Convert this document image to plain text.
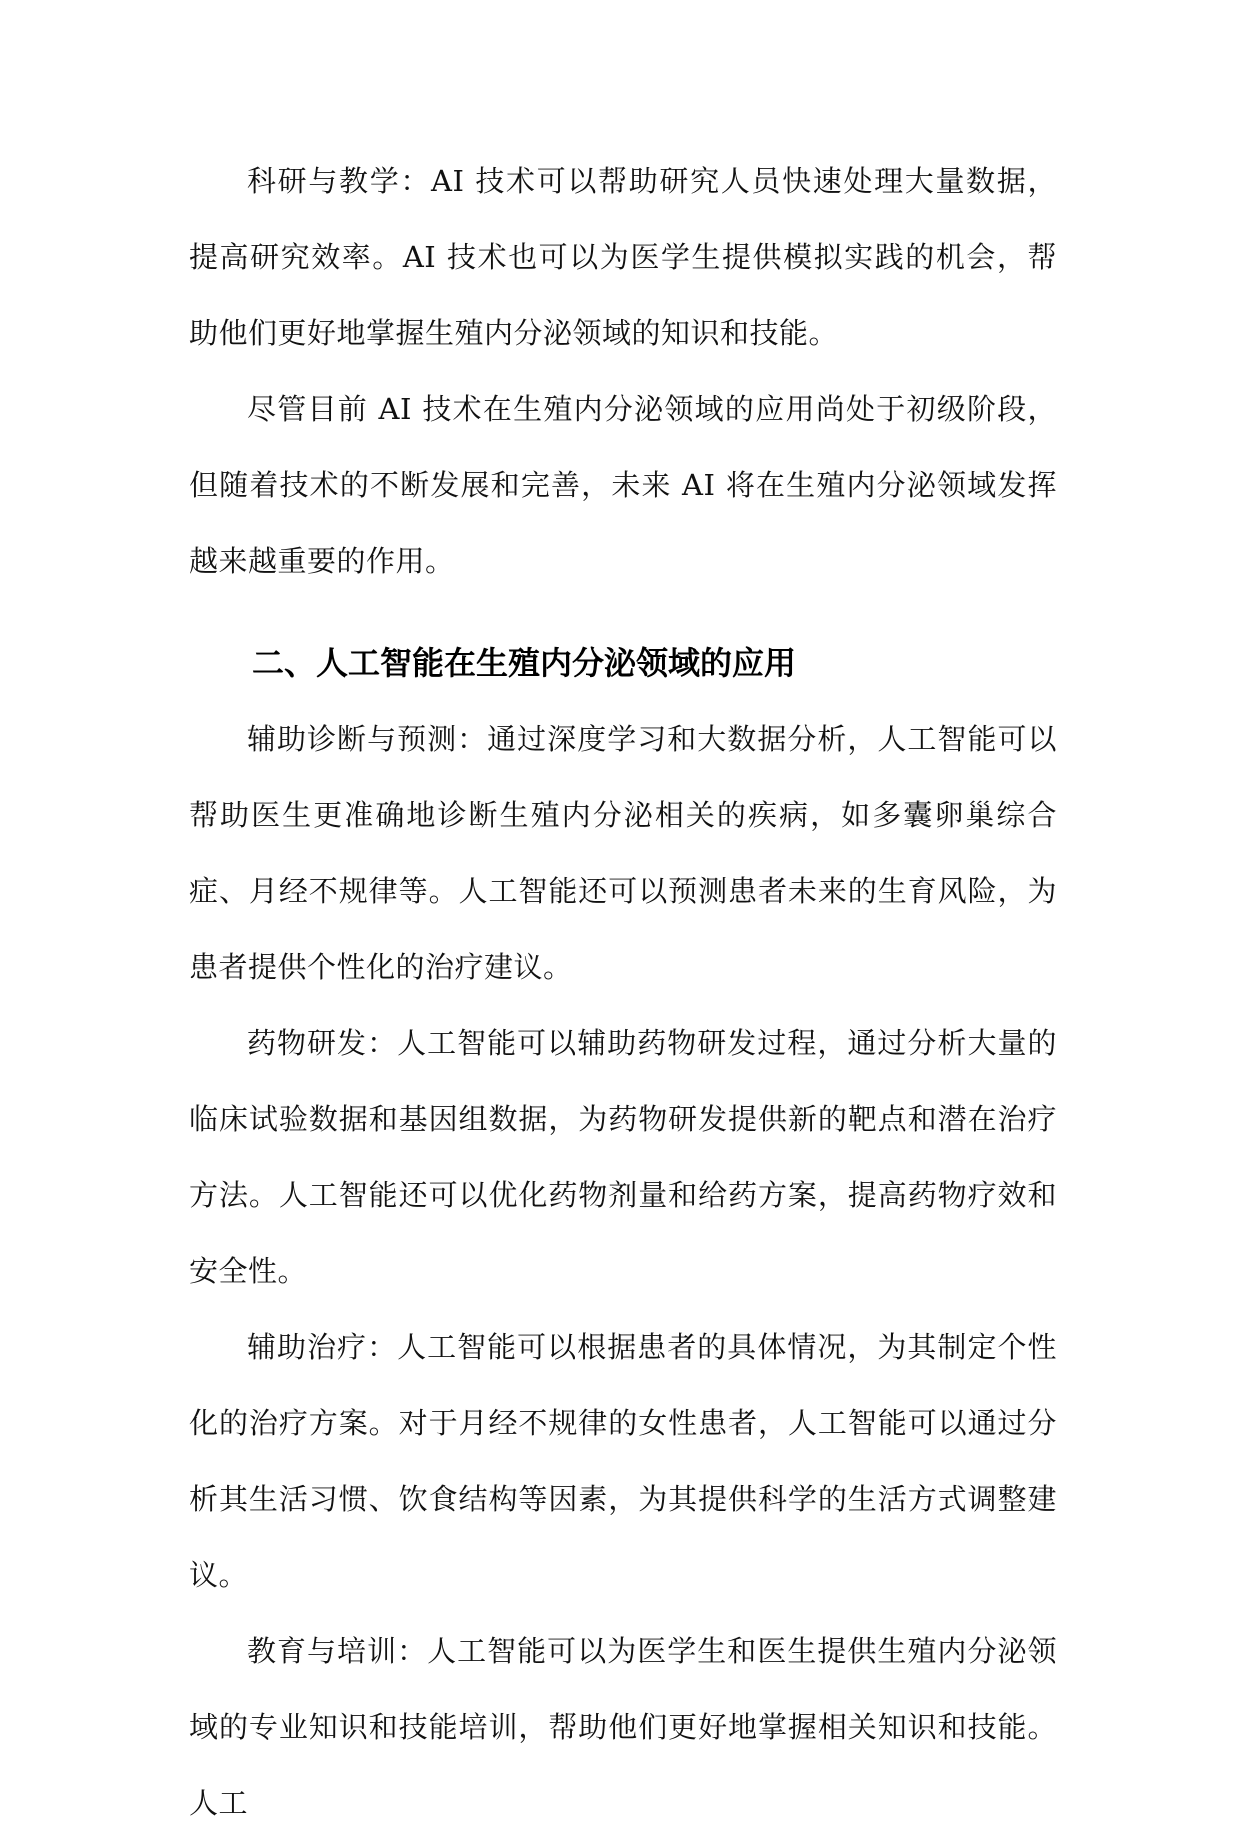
科研与教学：AI 技术可以帮助研究人员快速处理大量数据，提高研究效率。AI 技术也可以为医学生提供模拟实践的机会，帮助他们更好地掌握生殖内分泌领域的知识和技能。

尽管目前 AI 技术在生殖内分泌领域的应用尚处于初级阶段，但随着技术的不断发展和完善，未来 AI 将在生殖内分泌领域发挥越来越重要的作用。

二、人工智能在生殖内分泌领域的应用

辅助诊断与预测：通过深度学习和大数据分析，人工智能可以帮助医生更准确地诊断生殖内分泌相关的疾病，如多囊卵巢综合症、月经不规律等。人工智能还可以预测患者未来的生育风险，为患者提供个性化的治疗建议。

药物研发：人工智能可以辅助药物研发过程，通过分析大量的临床试验数据和基因组数据，为药物研发提供新的靶点和潜在治疗方法。人工智能还可以优化药物剂量和给药方案，提高药物疗效和安全性。

辅助治疗：人工智能可以根据患者的具体情况，为其制定个性化的治疗方案。对于月经不规律的女性患者，人工智能可以通过分析其生活习惯、饮食结构等因素，为其提供科学的生活方式调整建议。

教育与培训：人工智能可以为医学生和医生提供生殖内分泌领域的专业知识和技能培训，帮助他们更好地掌握相关知识和技能。人工
